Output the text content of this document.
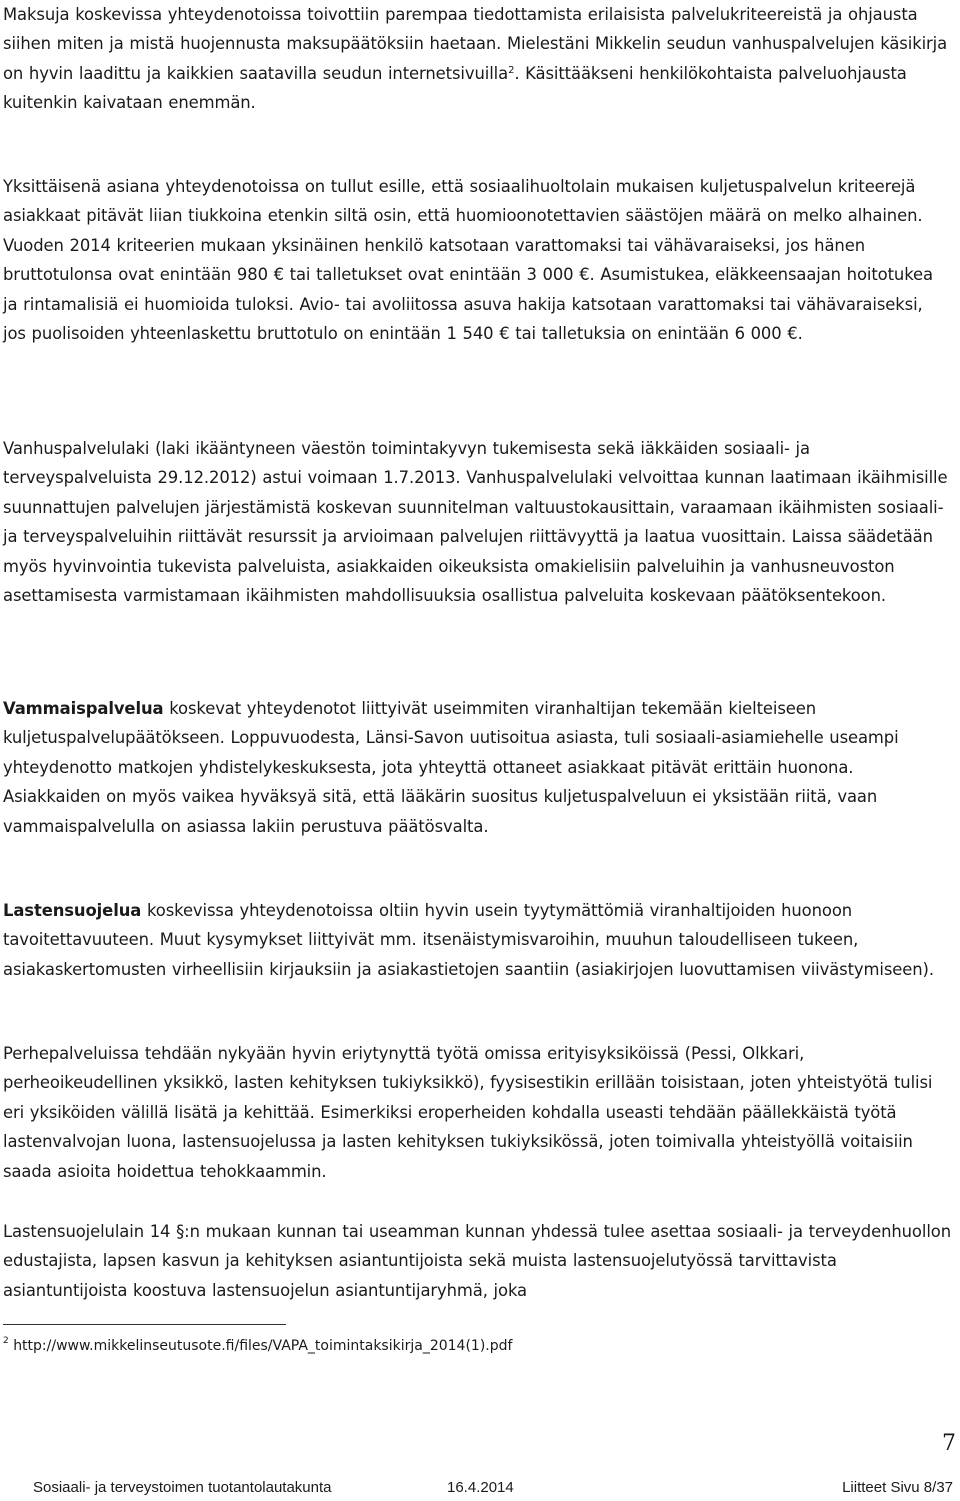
Maksuja koskevissa yhteydenotoissa toivottiin parempaa tiedottamista erilaisista palvelukriteereistä ja ohjausta siihen miten ja mistä huojennusta maksupäätöksiin haetaan. Mielestäni Mikkelin seudun vanhuspalvelujen käsikirja on hyvin laadittu ja kaikkien saatavilla seudun internetsivuilla$^2$. Käsittääkseni henkilökohtaista palveluohjausta kuitenkin kaivataan enemmän.

Yksittäisenä asiana yhteydenotoissa on tullut esille, että sosiaalihuoltolain mukaisen kuljetuspalvelun kriteerejä asiakkaat pitävät liian tiukkoina etenkin siltä osin, että huomioonotettavien säästöjen määrä on melko alhainen. Vuoden 2014 kriteerien mukaan yksinäinen henkilö katsotaan varattomaksi tai vähävaraiseksi, jos hänen bruttotulonsa ovat enintään 980 € tai talletukset ovat enintään 3 000 €. Asumistukea, eläkkeensaajan hoitotukea ja rintamalisiä ei huomioida tuloksi. Avio- tai avoliitossa asuva hakija katsotaan varattomaksi tai vähävaraiseksi, jos puolisoiden yhteenlaskettu bruttotulo on enintään 1 540 € tai talletuksia on enintään 6 000 €.

Vanhuspalvelulaki (laki ikääntyneen väestön toimintakyvyn tukemisesta sekä iäkkäiden sosiaali- ja terveyspalveluista 29.12.2012) astui voimaan 1.7.2013. Vanhuspalvelulaki velvoittaa kunnan laatimaan ikäihmisille suunnattujen palvelujen järjestämistä koskevan suunnitelman valtuustokausittain, varaamaan ikäihmisten sosiaali- ja terveyspalveluihin riittävät resurssit ja arvioimaan palvelujen riittävyyttä ja laatua vuosittain. Laissa säädetään myös hyvinvointia tukevista palveluista, asiakkaiden oikeuksista omakielisiin palveluihin ja vanhusneuvoston asettamisesta varmistamaan ikäihmisten mahdollisuuksia osallistua palveluita koskevaan päätöksentekoon.

Vammaispalvelua koskevat yhteydenotot liittyivät useimmiten viranhaltijan tekemään kielteiseen kuljetuspalvelupäätökseen. Loppuvuodesta, Länsi-Savon uutisoitua asiasta, tuli sosiaali-asiamiehelle useampi yhteydenotto matkojen yhdistelykeskuksesta, jota yhteyttä ottaneet asiakkaat pitävät erittäin huonona. Asiakkaiden on myös vaikea hyväksyä sitä, että lääkärin suositus kuljetuspalveluun ei yksistään riitä, vaan vammaispalvelulla on asiassa lakiin perustuva päätösvalta.

Lastensuojelua koskevissa yhteydenotoissa oltiin hyvin usein tyytymättömiä viranhaltijoiden huonoon tavoitettavuuteen. Muut kysymykset liittyivät mm. itsenäistymisvaroihin, muuhun taloudelliseen tukeen, asiakaskertomusten virheellisiin kirjauksiin ja asiakastietojen saantiin (asiakirjojen luovuttamisen viivästymiseen).

Perhepalveluissa tehdään nykyään hyvin eriytynyttä työtä omissa erityisyksiköissä (Pessi, Olkkari, perheoikeudellinen yksikkö, lasten kehityksen tukiyksikkö), fyysisestikin erillään toisistaan, joten yhteistyötä tulisi eri yksiköiden välillä lisätä ja kehittää. Esimerkiksi eroperheiden kohdalla useasti tehdään päällekkäistä työtä lastenvalvojan luona, lastensuojelussa ja lasten kehityksen tukiyksikössä, joten toimivalla yhteistyöllä voitaisiin saada asioita hoidettua tehokkaammin.

Lastensuojelulain 14 §:n mukaan kunnan tai useamman kunnan yhdessä tulee asettaa sosiaali- ja terveydenhuollon edustajista, lapsen kasvun ja kehityksen asiantuntijoista sekä muista lastensuojelutyössä tarvittavista asiantuntijoista koostuva lastensuojelun asiantuntijaryhmä, joka

$^2$ http://www.mikkelinseutusote.fi/files/VAPA_toimintaksikirja_2014(1).pdf
7
Sosiaali- ja terveystoimen tuotantolautakunta	16.4.2014	Liitteet Sivu 8/37
